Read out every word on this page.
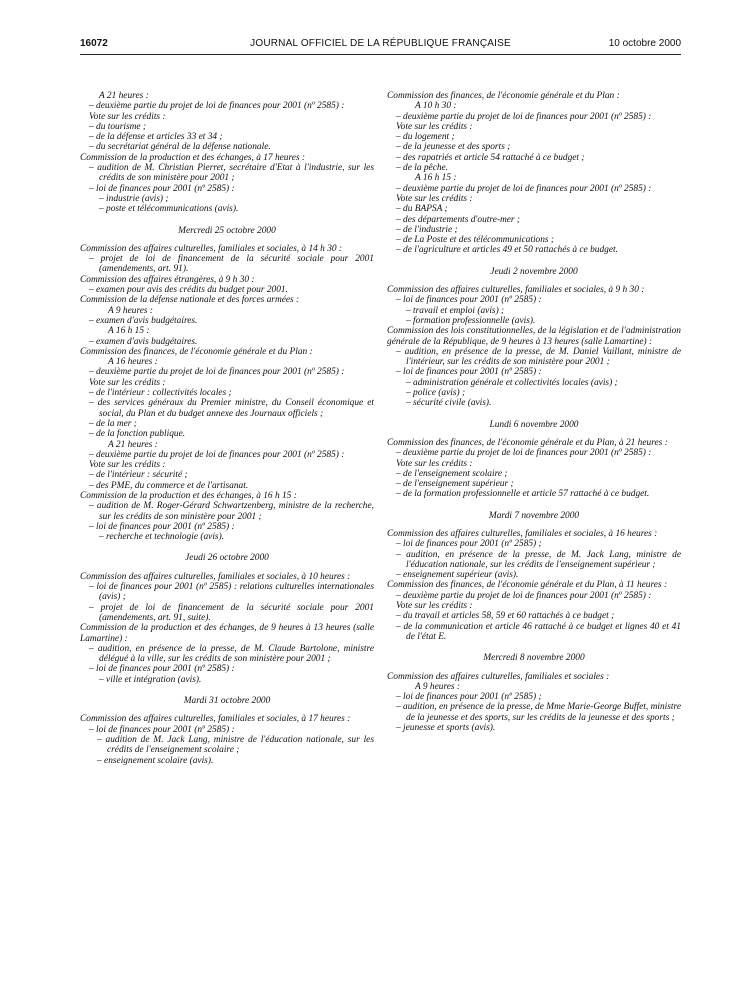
16072	JOURNAL OFFICIEL DE LA RÉPUBLIQUE FRANÇAISE	10 octobre 2000

A 21 heures :

– deuxième partie du projet de loi de finances pour 2001 (nº 2585) :

Vote sur les crédits :

– du tourisme ;

– de la défense et articles 33 et 34 ;

– du secrétariat général de la défense nationale.

Commission de la production et des échanges, à 17 heures :

– audition de M. Christian Pierret, secrétaire d'Etat à l'industrie, sur les crédits de son ministère pour 2001 ;

– loi de finances pour 2001 (nº 2585) :

– industrie (avis) ;

– poste et télécommunications (avis).

Mercredi 25 octobre 2000

Commission des affaires culturelles, familiales et sociales, à 14 h 30 :

– projet de loi de financement de la sécurité sociale pour 2001 (amendements, art. 91).

Commission des affaires étrangères, à 9 h 30 :

– examen pour avis des crédits du budget pour 2001.

Commission de la défense nationale et des forces armées :

A 9 heures :

– examen d'avis budgétaires.

A 16 h 15 :

– examen d'avis budgétaires.

Commission des finances, de l'économie générale et du Plan :

A 16 heures :

– deuxième partie du projet de loi de finances pour 2001 (nº 2585) :

Vote sur les crédits :

– de l'intérieur : collectivités locales ;

– des services généraux du Premier ministre, du Conseil économique et social, du Plan et du budget annexe des Journaux officiels ;

– de la mer ;

– de la fonction publique.

A 21 heures :

– deuxième partie du projet de loi de finances pour 2001 (nº 2585) :

Vote sur les crédits :

– de l'intérieur : sécurité ;

– des PME, du commerce et de l'artisanat.

Commission de la production et des échanges, à 16 h 15 :

– audition de M. Roger-Gérard Schwartzenberg, ministre de la recherche, sur les crédits de son ministère pour 2001 ;

– loi de finances pour 2001 (nº 2585) :

– recherche et technologie (avis).

Jeudi 26 octobre 2000

Commission des affaires culturelles, familiales et sociales, à 10 heures :

– loi de finances pour 2001 (nº 2585) : relations culturelles internationales (avis) ;

– projet de loi de financement de la sécurité sociale pour 2001 (amendements, art. 91, suite).

Commission de la production et des échanges, de 9 heures à 13 heures (salle Lamartine) :

– audition, en présence de la presse, de M. Claude Bartolone, ministre délégué à la ville, sur les crédits de son ministère pour 2001 ;

– loi de finances pour 2001 (nº 2585) :

– ville et intégration (avis).

Mardi 31 octobre 2000

Commission des affaires culturelles, familiales et sociales, à 17 heures :

– loi de finances pour 2001 (nº 2585) :

– audition de M. Jack Lang, ministre de l'éducation nationale, sur les crédits de l'enseignement scolaire ;

– enseignement scolaire (avis).

Commission des finances, de l'économie générale et du Plan :

A 10 h 30 :

– deuxième partie du projet de loi de finances pour 2001 (nº 2585) :

Vote sur les crédits :

– du logement ;

– de la jeunesse et des sports ;

– des rapatriés et article 54 rattaché à ce budget ;

– de la pêche.

A 16 h 15 :

– deuxième partie du projet de loi de finances pour 2001 (nº 2585) :

Vote sur les crédits :

– du BAPSA ;

– des départements d'outre-mer ;

– de l'industrie ;

– de La Poste et des télécommunications ;

– de l'agriculture et articles 49 et 50 rattachés à ce budget.

Jeudi 2 novembre 2000

Commission des affaires culturelles, familiales et sociales, à 9 h 30 :

– loi de finances pour 2001 (nº 2585) :

– travail et emploi (avis) ;

– formation professionnelle (avis).

Commission des lois constitutionnelles, de la législation et de l'administration générale de la République, de 9 heures à 13 heures (salle Lamartine) :

– audition, en présence de la presse, de M. Daniel Vaillant, ministre de l'intérieur, sur les crédits de son ministère pour 2001 ;

– loi de finances pour 2001 (nº 2585) :

– administration générale et collectivités locales (avis) ;

– police (avis) ;

– sécurité civile (avis).

Lundi 6 novembre 2000

Commission des finances, de l'économie générale et du Plan, à 21 heures :

– deuxième partie du projet de loi de finances pour 2001 (nº 2585) :

Vote sur les crédits :

– de l'enseignement scolaire ;

– de l'enseignement supérieur ;

– de la formation professionnelle et article 57 rattaché à ce budget.

Mardi 7 novembre 2000

Commission des affaires culturelles, familiales et sociales, à 16 heures :

– loi de finances pour 2001 (nº 2585) ;

– audition, en présence de la presse, de M. Jack Lang, ministre de l'éducation nationale, sur les crédits de l'enseignement supérieur ;

– enseignement supérieur (avis).

Commission des finances, de l'économie générale et du Plan, à 11 heures :

– deuxième partie du projet de loi de finances pour 2001 (nº 2585) :

Vote sur les crédits :

– du travail et articles 58, 59 et 60 rattachés à ce budget ;

– de la communication et article 46 rattaché à ce budget et lignes 40 et 41 de l'état E.

Mercredi 8 novembre 2000

Commission des affaires culturelles, familiales et sociales :

A 9 heures :

– loi de finances pour 2001 (nº 2585) ;

– audition, en présence de la presse, de Mme Marie-George Buffet, ministre de la jeunesse et des sports, sur les crédits de la jeunesse et des sports ;

– jeunesse et sports (avis).
